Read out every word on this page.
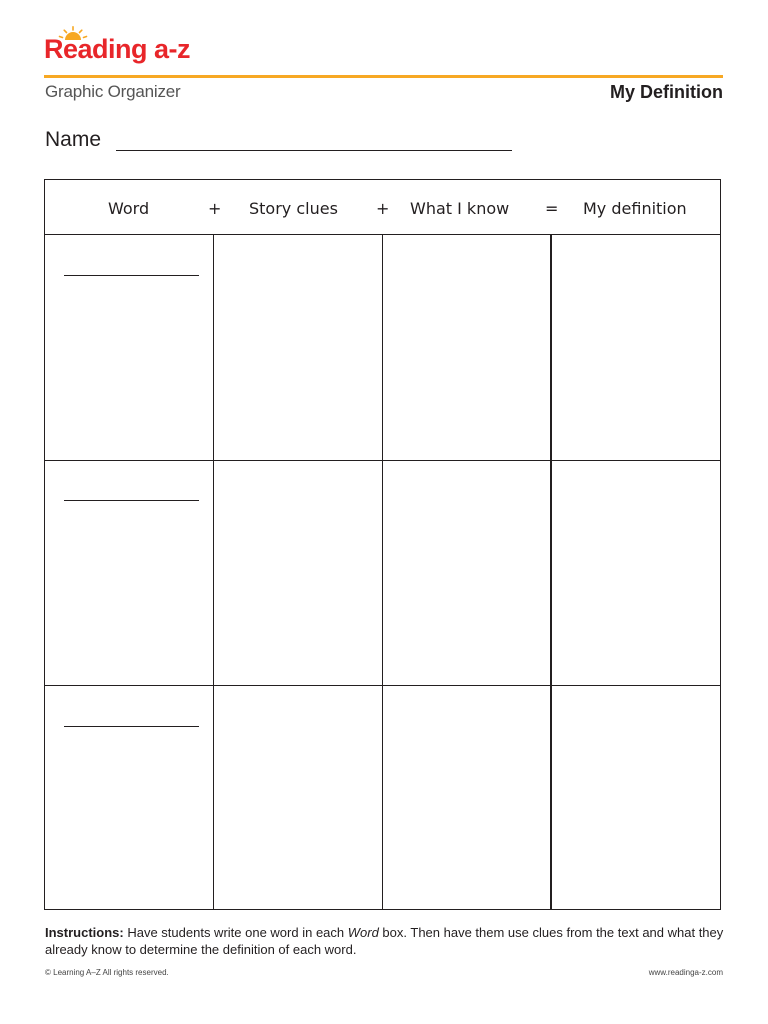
Reading a-z
Graphic Organizer	My Definition
Name
Word	+ Story clues + What I know = My definition
Instructions: Have students write one word in each Word box. Then have them use clues from the text and what they already know to determine the definition of each word.
© Learning A–Z All rights reserved.	www.readinga-z.com
